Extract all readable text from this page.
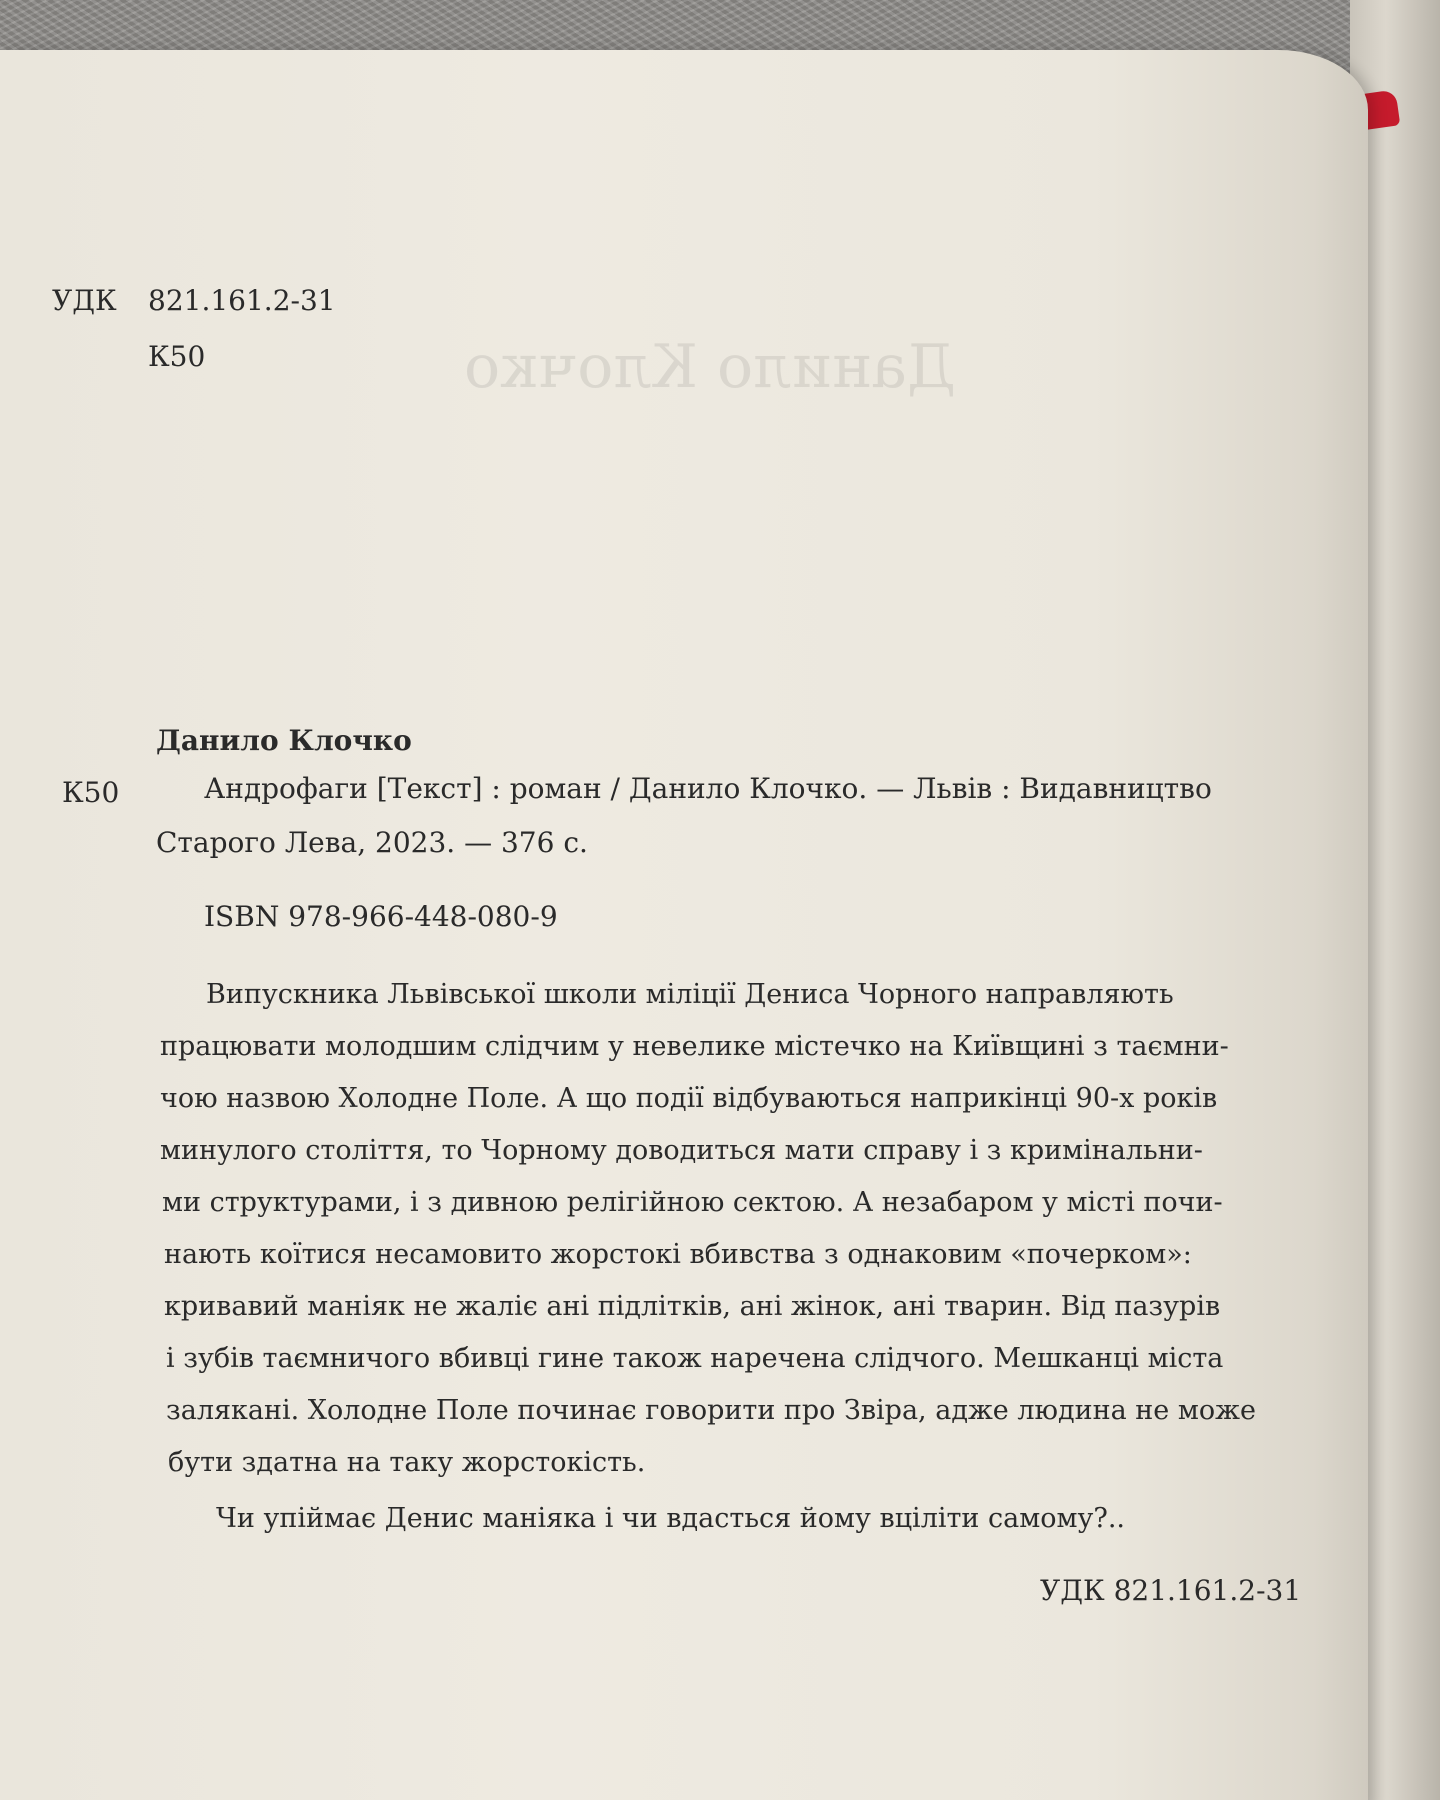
Данило Клочко
УДК 821.161.2-31
К50
Данило Клочко
К50	Андрофаги [Текст] : роман / Данило Клочко. — Львів : Видавництво
Старого Лева, 2023. — 376 с.
ISBN 978-966-448-080-9
Випускника Львівської школи міліції Дениса Чорного направляють
працювати молодшим слідчим у невелике містечко на Київщині з таємни-
чою назвою Холодне Поле. А що події відбуваються наприкінці 90-х років
минулого століття, то Чорному доводиться мати справу і з кримінальни-
ми структурами, і з дивною релігійною сектою. А незабаром у місті почи-
нають коїтися несамовито жорстокі вбивства з однаковим «почерком»:
кривавий маніяк не жаліє ані підлітків, ані жінок, ані тварин. Від пазурів
і зубів таємничого вбивці гине також наречена слідчого. Мешканці міста
залякані. Холодне Поле починає говорити про Звіра, адже людина не може
бути здатна на таку жорстокість.
Чи упіймає Денис маніяка і чи вдасться йому вціліти самому?..
УДК 821.161.2-31
